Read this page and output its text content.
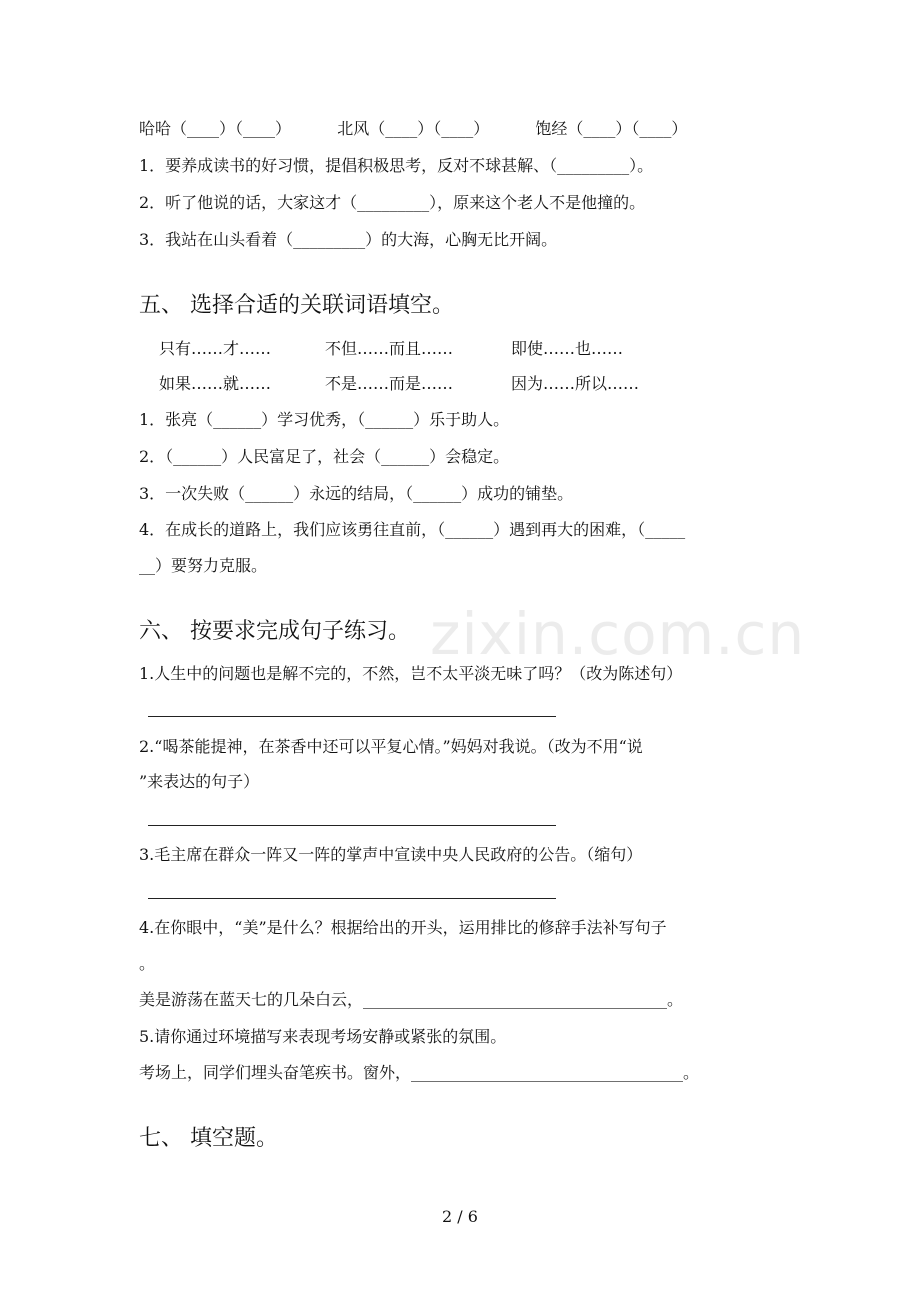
zixin.com.cn
哈哈（____）（____）	北风（____）（____）	饱经（____）（____）
1．要养成读书的好习惯，提倡积极思考，反对不球甚解、（_________）。
2．听了他说的话，大家这才（_________），原来这个老人不是他撞的。
3．我站在山头看着（_________）的大海，心胸无比开阔。
五、 选择合适的关联词语填空。
只有……才……	不但……而且……	即使……也……
如果……就……	不是……而是……	因为……所以……
1．张亮（______）学习优秀，（______）乐于助人。
2．（______）人民富足了，社会（______）会稳定。
3．一次失败（______）永远的结局，（______）成功的铺垫。
4．在成长的道路上，我们应该勇往直前，（______）遇到再大的困难，（_____
__）要努力克服。
六、 按要求完成句子练习。
1.人生中的问题也是解不完的，不然，岂不太平淡无味了吗？（改为陈述句）
2.“喝茶能提神，在茶香中还可以平复心情。”妈妈对我说。（改为不用“说
”来表达的句子）
3.毛主席在群众一阵又一阵的掌声中宣读中央人民政府的公告。（缩句）
4.在你眼中，“美”是什么？根据给出的开头，运用排比的修辞手法补写句子
。
美是游荡在蓝天七的几朵白云，______________________________________。
5.请你通过环境描写来表现考场安静或紧张的氛围。
考场上，同学们埋头奋笔疾书。窗外，__________________________________。
七、 填空题。
2 / 6
